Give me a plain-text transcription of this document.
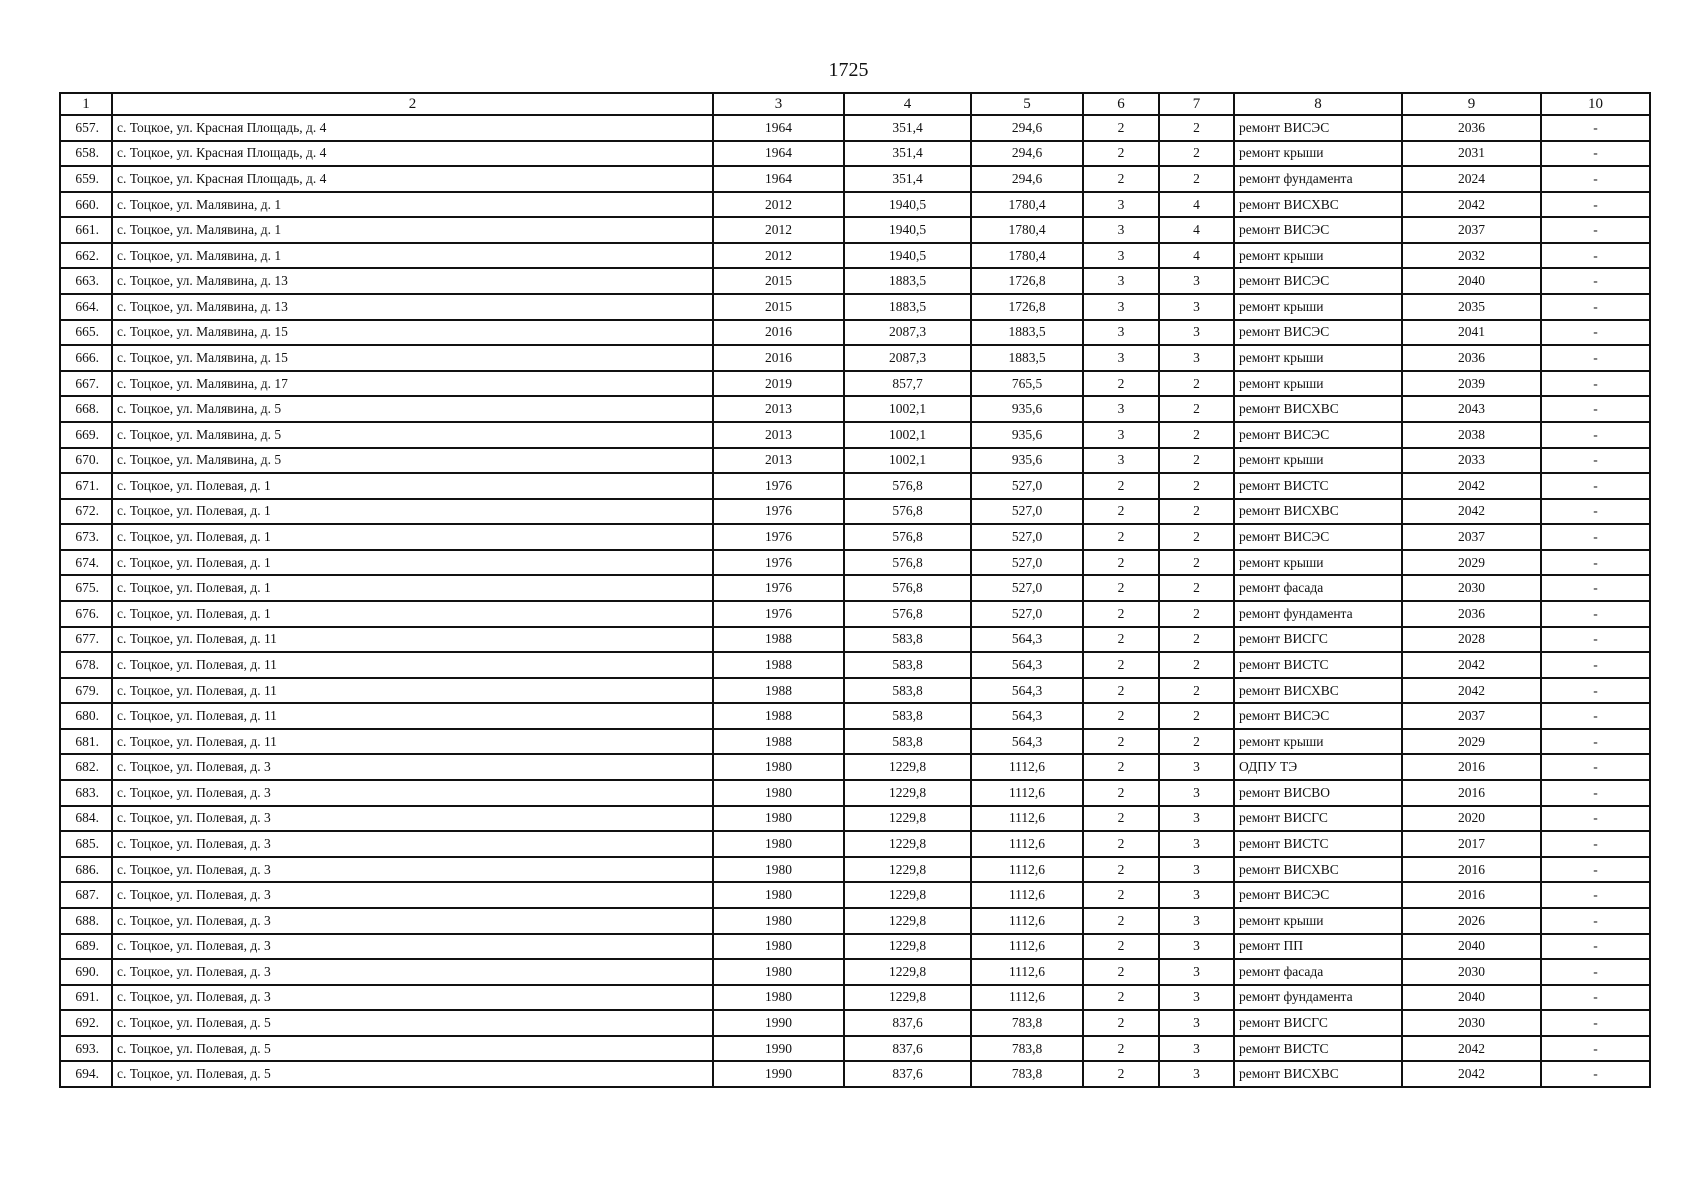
1725
1	2	3	4	5	6	7	8	9	10
657.	с. Тоцкое, ул. Красная Площадь, д. 4	1964	351,4	294,6	2	2	ремонт ВИСЭС	2036	-
658.	с. Тоцкое, ул. Красная Площадь, д. 4	1964	351,4	294,6	2	2	ремонт крыши	2031	-
659.	с. Тоцкое, ул. Красная Площадь, д. 4	1964	351,4	294,6	2	2	ремонт фундамента	2024	-
660.	с. Тоцкое, ул. Малявина, д. 1	2012	1940,5	1780,4	3	4	ремонт ВИСХВС	2042	-
661.	с. Тоцкое, ул. Малявина, д. 1	2012	1940,5	1780,4	3	4	ремонт ВИСЭС	2037	-
662.	с. Тоцкое, ул. Малявина, д. 1	2012	1940,5	1780,4	3	4	ремонт крыши	2032	-
663.	с. Тоцкое, ул. Малявина, д. 13	2015	1883,5	1726,8	3	3	ремонт ВИСЭС	2040	-
664.	с. Тоцкое, ул. Малявина, д. 13	2015	1883,5	1726,8	3	3	ремонт крыши	2035	-
665.	с. Тоцкое, ул. Малявина, д. 15	2016	2087,3	1883,5	3	3	ремонт ВИСЭС	2041	-
666.	с. Тоцкое, ул. Малявина, д. 15	2016	2087,3	1883,5	3	3	ремонт крыши	2036	-
667.	с. Тоцкое, ул. Малявина, д. 17	2019	857,7	765,5	2	2	ремонт крыши	2039	-
668.	с. Тоцкое, ул. Малявина, д. 5	2013	1002,1	935,6	3	2	ремонт ВИСХВС	2043	-
669.	с. Тоцкое, ул. Малявина, д. 5	2013	1002,1	935,6	3	2	ремонт ВИСЭС	2038	-
670.	с. Тоцкое, ул. Малявина, д. 5	2013	1002,1	935,6	3	2	ремонт крыши	2033	-
671.	с. Тоцкое, ул. Полевая, д. 1	1976	576,8	527,0	2	2	ремонт ВИСТС	2042	-
672.	с. Тоцкое, ул. Полевая, д. 1	1976	576,8	527,0	2	2	ремонт ВИСХВС	2042	-
673.	с. Тоцкое, ул. Полевая, д. 1	1976	576,8	527,0	2	2	ремонт ВИСЭС	2037	-
674.	с. Тоцкое, ул. Полевая, д. 1	1976	576,8	527,0	2	2	ремонт крыши	2029	-
675.	с. Тоцкое, ул. Полевая, д. 1	1976	576,8	527,0	2	2	ремонт фасада	2030	-
676.	с. Тоцкое, ул. Полевая, д. 1	1976	576,8	527,0	2	2	ремонт фундамента	2036	-
677.	с. Тоцкое, ул. Полевая, д. 11	1988	583,8	564,3	2	2	ремонт ВИСГС	2028	-
678.	с. Тоцкое, ул. Полевая, д. 11	1988	583,8	564,3	2	2	ремонт ВИСТС	2042	-
679.	с. Тоцкое, ул. Полевая, д. 11	1988	583,8	564,3	2	2	ремонт ВИСХВС	2042	-
680.	с. Тоцкое, ул. Полевая, д. 11	1988	583,8	564,3	2	2	ремонт ВИСЭС	2037	-
681.	с. Тоцкое, ул. Полевая, д. 11	1988	583,8	564,3	2	2	ремонт крыши	2029	-
682.	с. Тоцкое, ул. Полевая, д. 3	1980	1229,8	1112,6	2	3	ОДПУ ТЭ	2016	-
683.	с. Тоцкое, ул. Полевая, д. 3	1980	1229,8	1112,6	2	3	ремонт ВИСВО	2016	-
684.	с. Тоцкое, ул. Полевая, д. 3	1980	1229,8	1112,6	2	3	ремонт ВИСГС	2020	-
685.	с. Тоцкое, ул. Полевая, д. 3	1980	1229,8	1112,6	2	3	ремонт ВИСТС	2017	-
686.	с. Тоцкое, ул. Полевая, д. 3	1980	1229,8	1112,6	2	3	ремонт ВИСХВС	2016	-
687.	с. Тоцкое, ул. Полевая, д. 3	1980	1229,8	1112,6	2	3	ремонт ВИСЭС	2016	-
688.	с. Тоцкое, ул. Полевая, д. 3	1980	1229,8	1112,6	2	3	ремонт крыши	2026	-
689.	с. Тоцкое, ул. Полевая, д. 3	1980	1229,8	1112,6	2	3	ремонт ПП	2040	-
690.	с. Тоцкое, ул. Полевая, д. 3	1980	1229,8	1112,6	2	3	ремонт фасада	2030	-
691.	с. Тоцкое, ул. Полевая, д. 3	1980	1229,8	1112,6	2	3	ремонт фундамента	2040	-
692.	с. Тоцкое, ул. Полевая, д. 5	1990	837,6	783,8	2	3	ремонт ВИСГС	2030	-
693.	с. Тоцкое, ул. Полевая, д. 5	1990	837,6	783,8	2	3	ремонт ВИСТС	2042	-
694.	с. Тоцкое, ул. Полевая, д. 5	1990	837,6	783,8	2	3	ремонт ВИСХВС	2042	-
